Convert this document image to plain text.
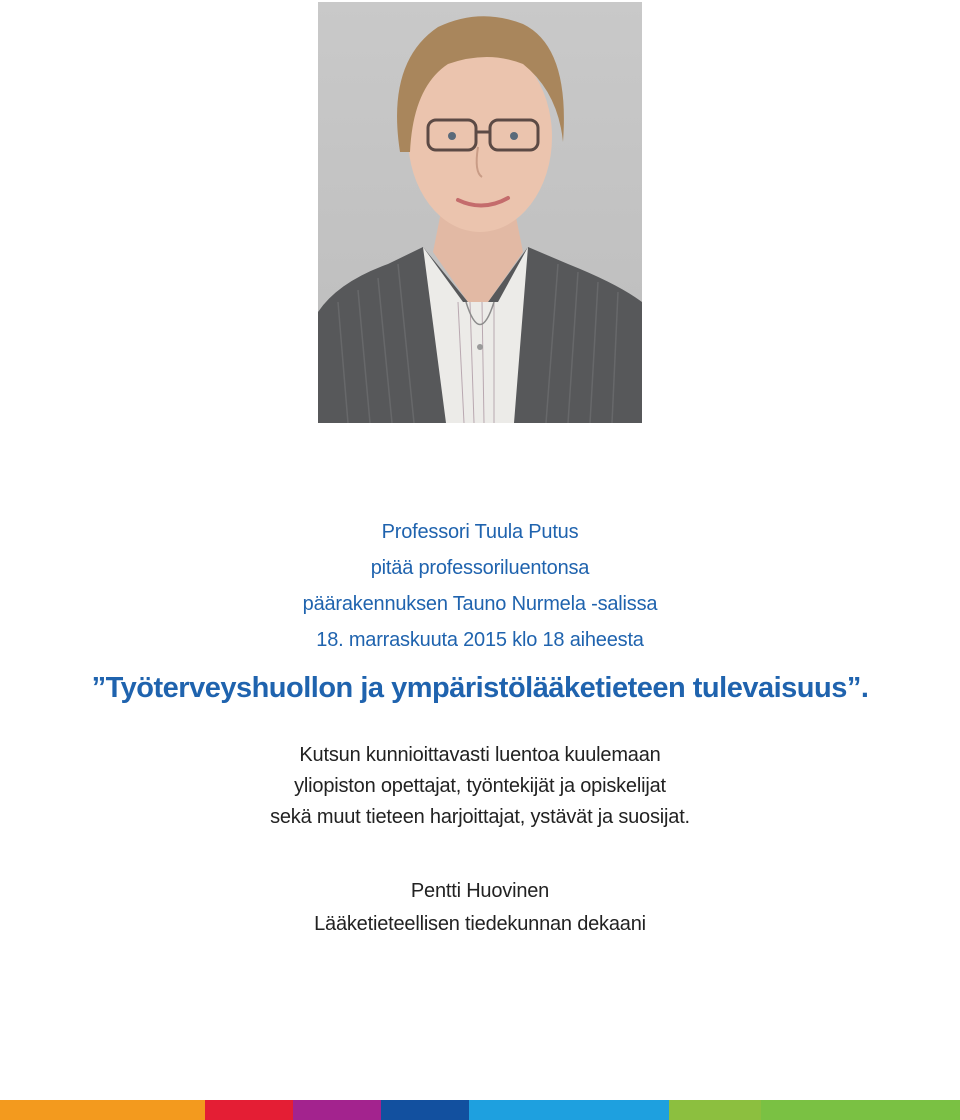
Professori Tuula Putus

pitää professoriluentonsa

päärakennuksen Tauno Nurmela -salissa

18. marraskuuta 2015 klo 18 aiheesta

”Työterveyshuollon ja ympäristölääketieteen tulevaisuus”.

Kutsun kunnioittavasti luentoa kuulemaan

yliopiston opettajat, työntekijät ja opiskelijat

sekä muut tieteen harjoittajat, ystävät ja suosijat.

Pentti Huovinen

Lääketieteellisen tiedekunnan dekaani
